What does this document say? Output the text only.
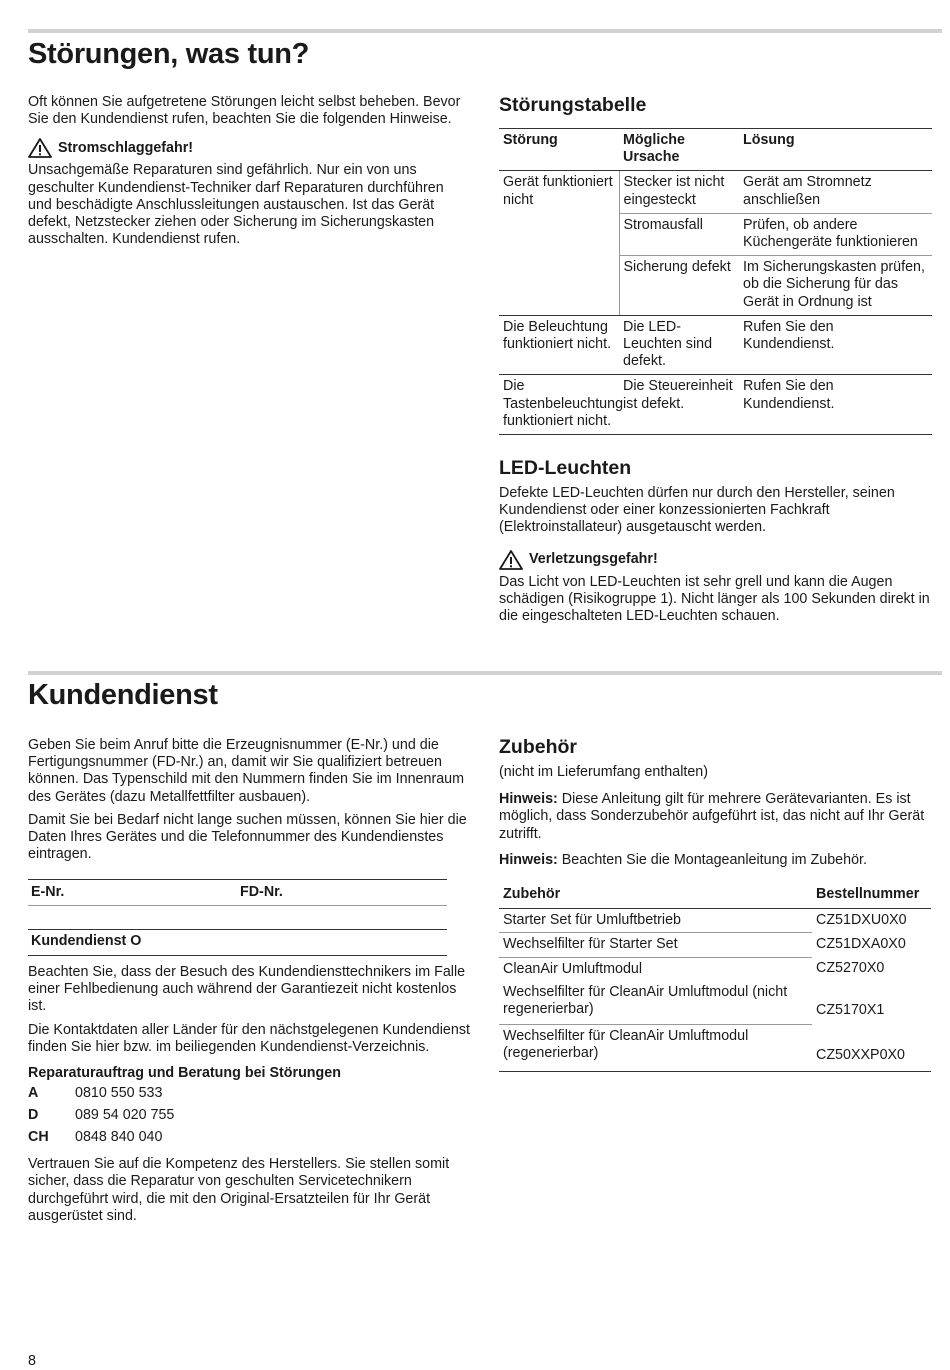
Störungen, was tun?

Oft können Sie aufgetretene Störungen leicht selbst beheben. Bevor Sie den Kundendienst rufen, beachten Sie die folgenden Hinweise.

Stromschlaggefahr!

Unsachgemäße Reparaturen sind gefährlich. Nur ein von uns geschulter Kundendienst-Techniker darf Reparaturen durchführen und beschädigte Anschlussleitungen austauschen. Ist das Gerät defekt, Netzstecker ziehen oder Sicherung im Sicherungskasten ausschalten. Kundendienst rufen.

Störungstabelle
Störung	Mögliche Ursache	Lösung
Gerät funktioniert nicht	Stecker ist nicht eingesteckt	Gerät am Stromnetz anschließen
	Stromausfall	Prüfen, ob andere Küchengeräte funktionieren
	Sicherung defekt	Im Sicherungskasten prüfen, ob die Sicherung für das Gerät in Ordnung ist
Die Beleuchtung funktioniert nicht.	Die LED-Leuchten sind defekt.	Rufen Sie den Kundendienst.
Die Tastenbeleuchtung funktioniert nicht.	Die Steuereinheit ist defekt.	Rufen Sie den Kundendienst.
LED-Leuchten

Defekte LED-Leuchten dürfen nur durch den Hersteller, seinen Kundendienst oder einer konzessionierten Fachkraft (Elektroinstallateur) ausgetauscht werden.

Verletzungsgefahr!

Das Licht von LED-Leuchten ist sehr grell und kann die Augen schädigen (Risikogruppe 1). Nicht länger als 100 Sekunden direkt in die eingeschalteten LED-Leuchten schauen.

Kundendienst

Geben Sie beim Anruf bitte die Erzeugnisnummer (E-Nr.) und die Fertigungsnummer (FD-Nr.) an, damit wir Sie qualifiziert betreuen können. Das Typenschild mit den Nummern finden Sie im Innenraum des Gerätes (dazu Metallfettfilter ausbauen).

Damit Sie bei Bedarf nicht lange suchen müssen, können Sie hier die Daten Ihres Gerätes und die Telefonnummer des Kundendienstes eintragen.

E-Nr.	FD-Nr.
Kundendienst O

Beachten Sie, dass der Besuch des Kundendiensttechnikers im Falle einer Fehlbedienung auch während der Garantiezeit nicht kostenlos ist.

Die Kontaktdaten aller Länder für den nächstgelegenen Kundendienst finden Sie hier bzw. im beiliegenden Kundendienst-Verzeichnis.

Reparaturauftrag und Beratung bei Störungen

A	0810 550 533
D	089 54 020 755
CH	0848 840 040

Vertrauen Sie auf die Kompetenz des Herstellers. Sie stellen somit sicher, dass die Reparatur von geschulten Servicetechnikern durchgeführt wird, die mit den Original-Ersatzteilen für Ihr Gerät ausgerüstet sind.

Zubehör

(nicht im Lieferumfang enthalten)

Hinweis: Diese Anleitung gilt für mehrere Gerätevarianten. Es ist möglich, dass Sonderzubehör aufgeführt ist, das nicht auf Ihr Gerät zutrifft.

Hinweis: Beachten Sie die Montageanleitung im Zubehör.

Zubehör	Bestellnummer
Starter Set für Umluftbetrieb	CZ51DXU0X0
Wechselfilter für Starter Set	CZ51DXA0X0
CleanAir Umluftmodul	CZ5270X0
Wechselfilter für CleanAir Umluftmodul (nicht regenerierbar)	CZ5170X1
Wechselfilter für CleanAir Umluftmodul (regenerierbar)	CZ50XXP0X0
8
